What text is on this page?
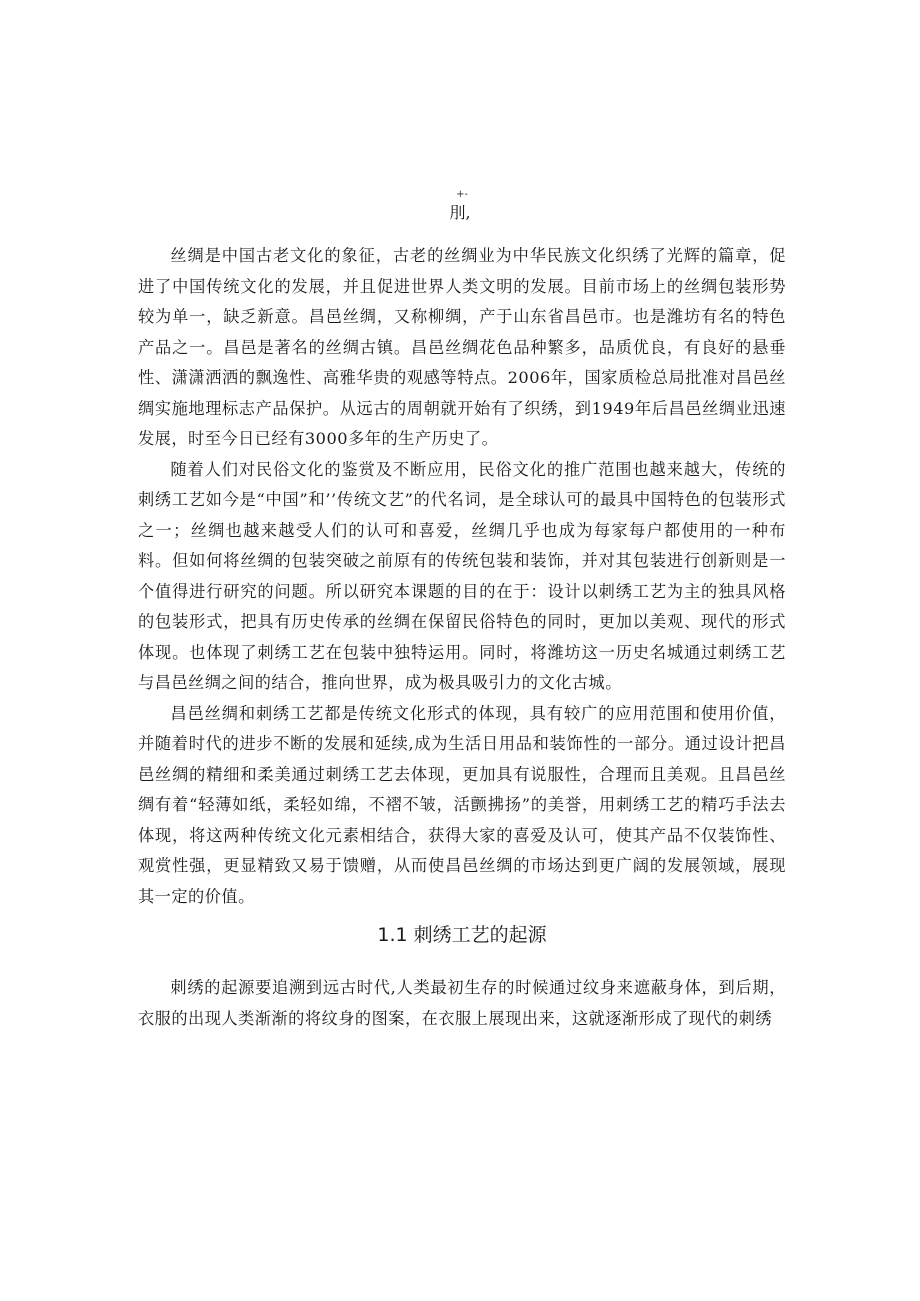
+-
刖,

丝绸是中国古老文化的象征，古老的丝绸业为中华民族文化织绣了光辉的篇章，促进了中国传统文化的发展，并且促进世界人类文明的发展。目前市场上的丝绸包装形势较为单一，缺乏新意。昌邑丝绸，又称柳绸，产于山东省昌邑市。也是潍坊有名的特色产品之一。昌邑是著名的丝绸古镇。昌邑丝绸花色品种繁多，品质优良，有良好的悬垂性、潇潇洒洒的飘逸性、高雅华贵的观感等特点。2006年，国家质检总局批准对昌邑丝绸实施地理标志产品保护。从远古的周朝就开始有了织绣，到1949年后昌邑丝绸业迅速发展，时至今日已经有3000多年的生产历史了。

随着人们对民俗文化的鉴赏及不断应用，民俗文化的推广范围也越来越大，传统的刺绣工艺如今是“中国”和’’传统文艺”的代名词，是全球认可的最具中国特色的包装形式之一；丝绸也越来越受人们的认可和喜爱，丝绸几乎也成为每家每户都使用的一种布料。但如何将丝绸的包装突破之前原有的传统包装和装饰，并对其包装进行创新则是一个值得进行研究的问题。所以研究本课题的目的在于：设计以刺绣工艺为主的独具风格的包装形式，把具有历史传承的丝绸在保留民俗特色的同时，更加以美观、现代的形式体现。也体现了刺绣工艺在包装中独特运用。同时，将潍坊这一历史名城通过刺绣工艺与昌邑丝绸之间的结合，推向世界，成为极具吸引力的文化古城。

昌邑丝绸和刺绣工艺都是传统文化形式的体现，具有较广的应用范围和使用价值，并随着时代的进步不断的发展和延续,成为生活日用品和装饰性的一部分。通过设计把昌邑丝绸的精细和柔美通过刺绣工艺去体现，更加具有说服性，合理而且美观。且昌邑丝绸有着“轻薄如纸，柔轻如绵，不褶不皱，活颤拂扬”的美誉，用刺绣工艺的精巧手法去体现，将这两种传统文化元素相结合，获得大家的喜爱及认可，使其产品不仅装饰性、观赏性强，更显精致又易于馈赠，从而使昌邑丝绸的市场达到更广阔的发展领域，展现其一定的价值。

1.1 刺绣工艺的起源

刺绣的起源要追溯到远古时代,人类最初生存的时候通过纹身来遮蔽身体，到后期，衣服的出现人类渐渐的将纹身的图案，在衣服上展现出来，这就逐渐形成了现代的刺绣
